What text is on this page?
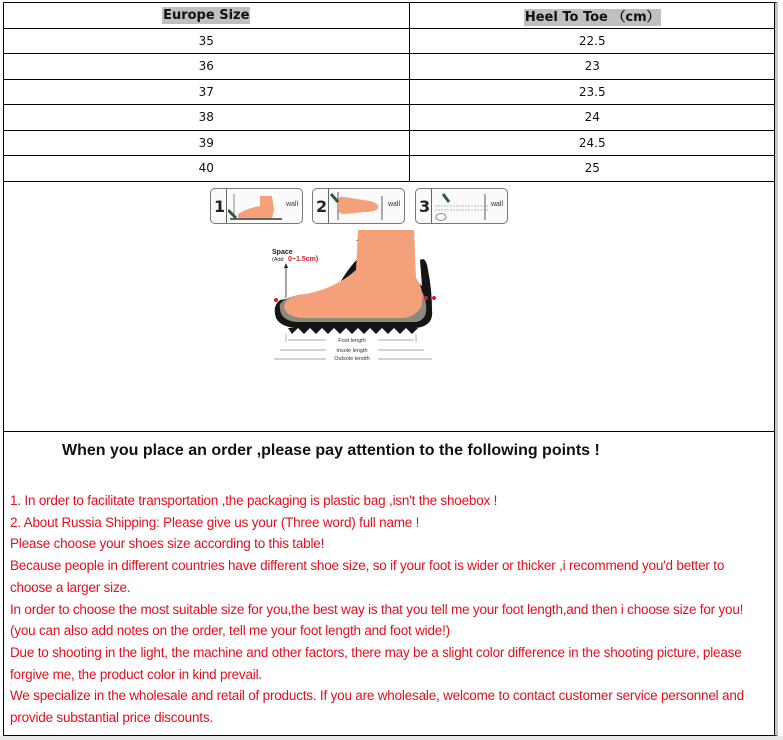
Europe Size	Heel To Toe （cm）
35	22.5
36	23
37	23.5
38	24
39	24.5
40	25
1	wall 2	wall 3	wall
Space
(Add 0~1.5cm)
Foot length
Insole length
Outsole length
When you place an order ,please pay attention to the following points !
1. In order to facilitate transportation ,the packaging is plastic bag ,isn't the shoebox !
2. About Russia Shipping: Please give us your (Three word) full name !
Please choose your shoes size according to this table!
Because people in different countries have different shoe size, so if your foot is wider or thicker ,i recommend you'd better to
choose a larger size.
In order to choose the most suitable size for you,the best way is that you tell me your foot length,and then i choose size for you!
(you can also add notes on the order, tell me your foot length and foot wide!)
Due to shooting in the light, the machine and other factors, there may be a slight color difference in the shooting picture, please
forgive me, the product color in kind prevail.
We specialize in the wholesale and retail of products. If you are wholesale, welcome to contact customer service personnel and
provide substantial price discounts.
